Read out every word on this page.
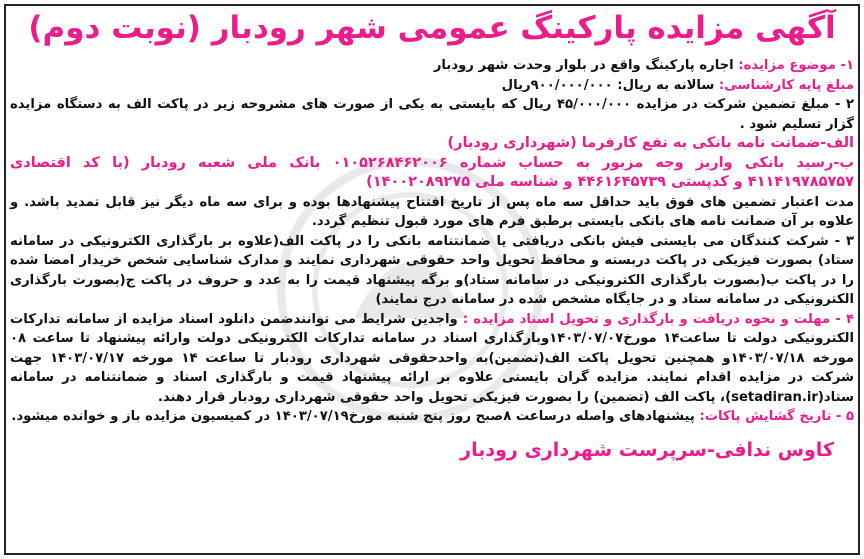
آگهی مزایده پارکینگ عمومی شهر رودبار (نوبت دوم)

۱- موضوع مزایده: اجاره پارکینگ واقع در بلوار وحدت شهر رودبار

مبلغ پایه کارشناسی: سالانه به ریال: ۹۰۰/۰۰۰/۰۰۰ریال

۲ - مبلغ تضمین شرکت در مزایده ۴۵/۰۰۰/۰۰۰ ریال که بایستی به یکی از صورت های مشروحه زیر در پاکت الف به دستگاه مزایده گزار تسلیم شود .

الف-ضمانت نامه بانکی به نفع کارفرما (شهرداری رودبار)

ب-رسید بانکی واریز وجه مزبور به حساب شماره ۰۱۰۵۲۶۸۴۶۲۰۰۶ بانک ملی شعبه رودبار (با کد اقتصادی ۴۱۱۴۱۹۷۸۵۷۵۷ و کدپستی ۴۴۶۱۶۴۵۷۳۹ و شناسه ملی ۱۴۰۰۲۰۸۹۲۷۵)

مدت اعتبار تضمین های فوق باید حداقل سه ماه پس از تاریخ افتتاح پیشنهادها بوده و برای سه ماه دیگر نیز قابل تمدید باشد. و علاوه بر آن ضمانت نامه های بانکی بایستی برطبق فرم های مورد قبول تنظیم گردد.

۳ - شرکت کنندگان می بایستی فیش بانکی دریافتی یا ضمانتنامه بانکی را در پاکت الف(علاوه بر بارگذاری الکترونیکی در سامانه ستاد) بصورت فیزیکی در پاکت دربسته و محافظ تحویل واحد حقوقی شهرداری نمایند و مدارک شناسایی شخص خریدار امضا شده را در پاکت ب(بصورت بارگذاری الکترونیکی در سامانه ستاد)و برگه پیشنهاد قیمت را به عدد و حروف در پاکت ج(بصورت بارگذاری الکترونیکی در سامانه ستاد و در جایگاه مشخص شده در سامانه درج نمایند)

۴ - مهلت و نحوه دریافت و بارگذاری و تحویل اسناد مزایده : واجدین شرایط می توانندضمن دانلود اسناد مزایده از سامانه تدارکات الکترونیکی دولت تا ساعت۱۴ مورخ۱۴۰۳/۰۷/۰۷وبارگذاری اسناد در سامانه تدارکات الکترونیکی دولت وارائه پیشنهاد تا ساعت ۰۸ مورخه ۱۴۰۳/۰۷/۱۸و همچنین تحویل پاکت الف(تضمین)به واحدحقوقی شهرداری رودبار تا ساعت ۱۴ مورخه ۱۴۰۳/۰۷/۱۷ جهت شرکت در مزایده اقدام نمایند. مزایده گران بایستی علاوه بر ارائه پیشنهاد قیمت و بارگذاری اسناد و ضمانتنامه در سامانه ستاد(setadiran.ir)، پاکت الف (تضمین) را بصورت فیزیکی تحویل واحد حقوقی شهرداری رودبار قرار دهند.

۵ - تاریخ گشایش پاکات: پیشنهادهای واصله درساعت ۸صبح روز پنج شنبه مورخ۱۴۰۳/۰۷/۱۹ در کمیسیون مزایده باز و خوانده میشود.

کاوس ندافی-سرپرست شهرداری رودبار
